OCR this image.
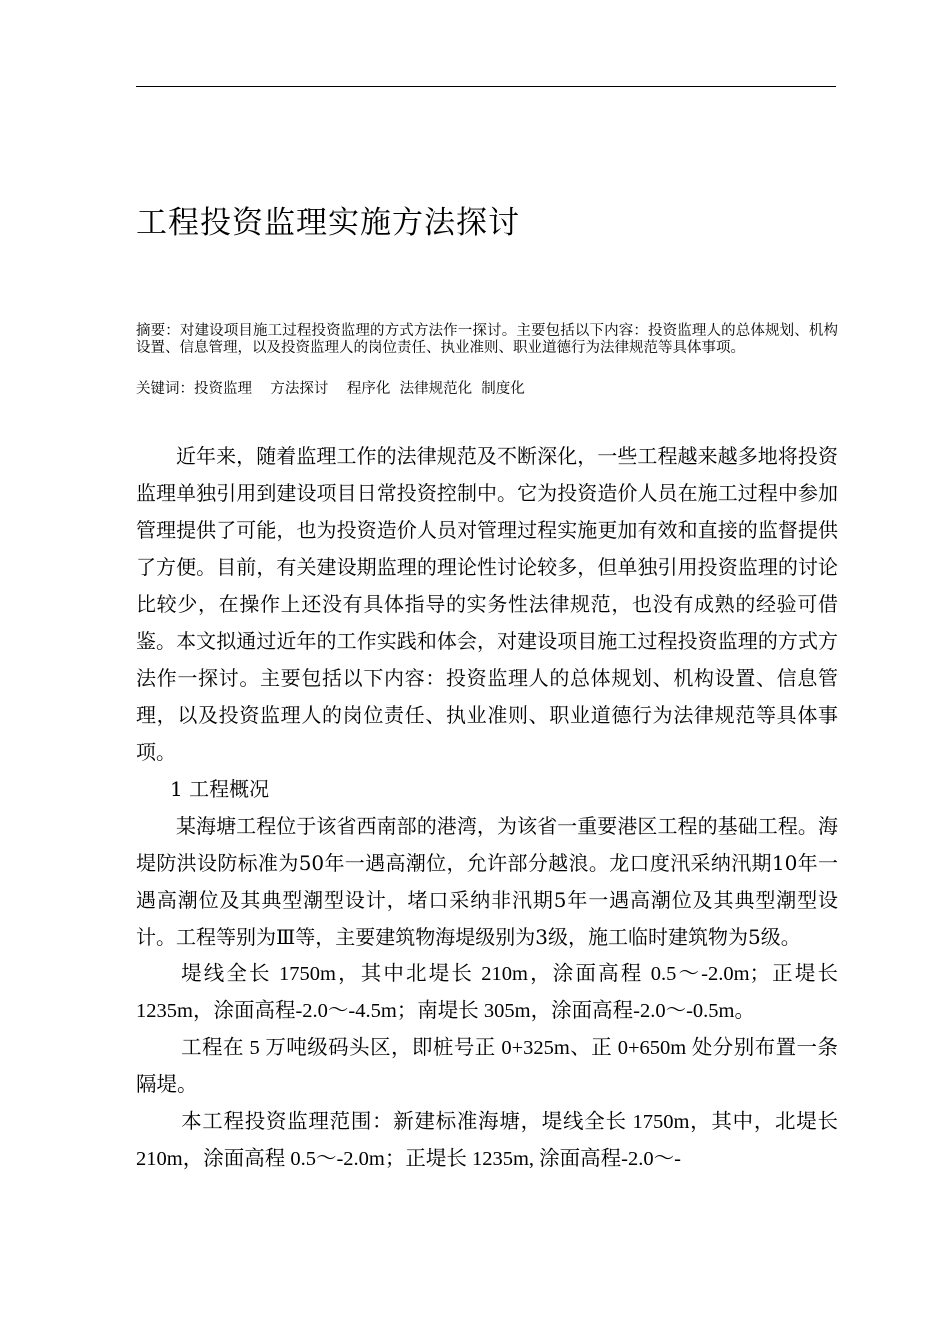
工程投资监理实施方法探讨
摘要：对建设项目施工过程投资监理的方式方法作一探讨。主要包括以下内容：投资监理人的总体规划、机构设置、信息管理，以及投资监理人的岗位责任、执业准则、职业道德行为法律规范等具体事项。
关键词：投资监理    方法探讨    程序化  法律规范化  制度化

近年来，随着监理工作的法律规范及不断深化，一些工程越来越多地将投资监理单独引用到建设项目日常投资控制中。它为投资造价人员在施工过程中参加管理提供了可能，也为投资造价人员对管理过程实施更加有效和直接的监督提供了方便。目前，有关建设期监理的理论性讨论较多，但单独引用投资监理的讨论比较少，在操作上还没有具体指导的实务性法律规范，也没有成熟的经验可借鉴。本文拟通过近年的工作实践和体会，对建设项目施工过程投资监理的方式方法作一探讨。主要包括以下内容：投资监理人的总体规划、机构设置、信息管理，以及投资监理人的岗位责任、执业准则、职业道德行为法律规范等具体事项。

1 工程概况

某海塘工程位于该省西南部的港湾，为该省一重要港区工程的基础工程。海堤防洪设防标准为50年一遇高潮位，允许部分越浪。龙口度汛采纳汛期10年一遇高潮位及其典型潮型设计，堵口采纳非汛期5年一遇高潮位及其典型潮型设计。工程等别为Ⅲ等，主要建筑物海堤级别为3级，施工临时建筑物为5级。

堤线全长 1750m，其中北堤长 210m，涂面高程 0.5～-2.0m；正堤长 1235m，涂面高程-2.0～-4.5m；南堤长 305m，涂面高程-2.0～-0.5m。

工程在 5 万吨级码头区，即桩号正 0+325m、正 0+650m 处分别布置一条隔堤。

本工程投资监理范围：新建标准海塘，堤线全长 1750m，其中，北堤长 210m，涂面高程 0.5～-2.0m；正堤长 1235m, 涂面高程-2.0～-
